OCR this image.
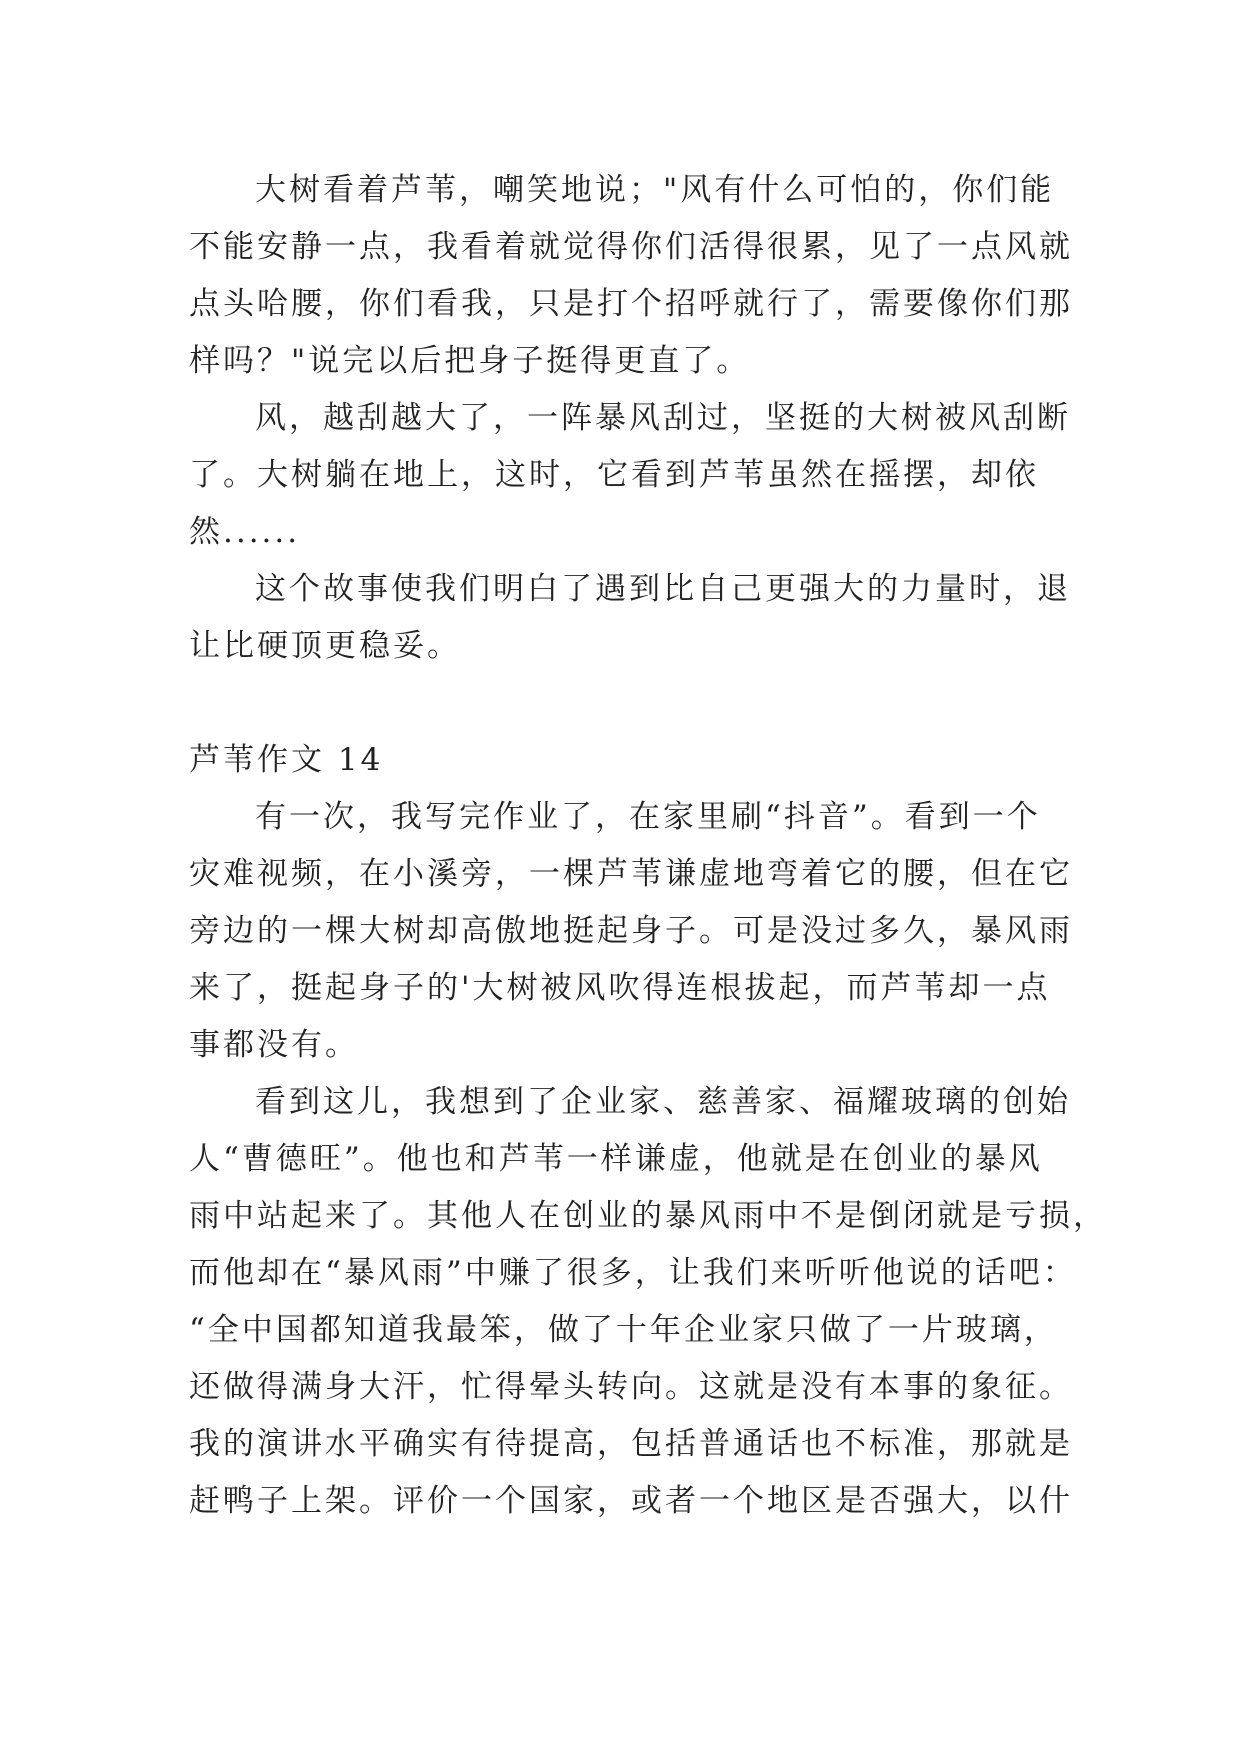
大树看着芦苇，嘲笑地说；"风有什么可怕的，你们能
不能安静一点，我看着就觉得你们活得很累，见了一点风就
点头哈腰，你们看我，只是打个招呼就行了，需要像你们那
样吗？"说完以后把身子挺得更直了。
风，越刮越大了，一阵暴风刮过，坚挺的大树被风刮断
了。大树躺在地上，这时，它看到芦苇虽然在摇摆，却依
然......
这个故事使我们明白了遇到比自己更强大的力量时，退
让比硬顶更稳妥。
芦苇作文 14
有一次，我写完作业了，在家里刷“抖音”。看到一个
灾难视频，在小溪旁，一棵芦苇谦虚地弯着它的腰，但在它
旁边的一棵大树却高傲地挺起身子。可是没过多久，暴风雨
来了，挺起身子的'大树被风吹得连根拔起，而芦苇却一点
事都没有。
看到这儿，我想到了企业家、慈善家、福耀玻璃的创始
人“曹德旺”。他也和芦苇一样谦虚，他就是在创业的暴风
雨中站起来了。其他人在创业的暴风雨中不是倒闭就是亏损，
而他却在“暴风雨”中赚了很多，让我们来听听他说的话吧：
“全中国都知道我最笨，做了十年企业家只做了一片玻璃，
还做得满身大汗，忙得晕头转向。这就是没有本事的象征。
我的演讲水平确实有待提高，包括普通话也不标准，那就是
赶鸭子上架。评价一个国家，或者一个地区是否强大，以什
